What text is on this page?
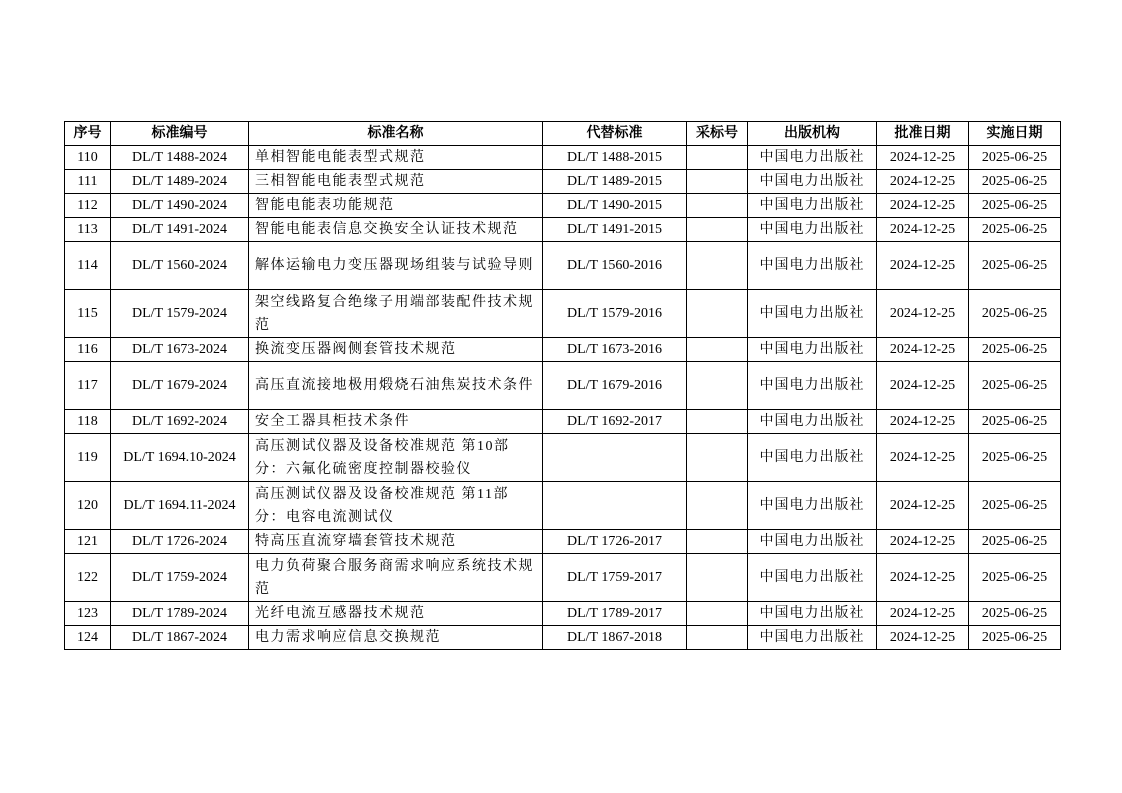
序号	标准编号	标准名称	代替标准	采标号	出版机构	批准日期	实施日期
110	DL/T 1488-2024	单相智能电能表型式规范	DL/T 1488-2015		中国电力出版社	2024-12-25	2025-06-25
111	DL/T 1489-2024	三相智能电能表型式规范	DL/T 1489-2015		中国电力出版社	2024-12-25	2025-06-25
112	DL/T 1490-2024	智能电能表功能规范	DL/T 1490-2015		中国电力出版社	2024-12-25	2025-06-25
113	DL/T 1491-2024	智能电能表信息交换安全认证技术规范	DL/T 1491-2015		中国电力出版社	2024-12-25	2025-06-25
114	DL/T 1560-2024	解体运输电力变压器现场组装与试验导则	DL/T 1560-2016		中国电力出版社	2024-12-25	2025-06-25
115	DL/T 1579-2024	架空线路复合绝缘子用端部装配件技术规范	DL/T 1579-2016		中国电力出版社	2024-12-25	2025-06-25
116	DL/T 1673-2024	换流变压器阀侧套管技术规范	DL/T 1673-2016		中国电力出版社	2024-12-25	2025-06-25
117	DL/T 1679-2024	高压直流接地极用煅烧石油焦炭技术条件	DL/T 1679-2016		中国电力出版社	2024-12-25	2025-06-25
118	DL/T 1692-2024	安全工器具柜技术条件	DL/T 1692-2017		中国电力出版社	2024-12-25	2025-06-25
119	DL/T 1694.10-2024	高压测试仪器及设备校准规范 第10部分：六氟化硫密度控制器校验仪			中国电力出版社	2024-12-25	2025-06-25
120	DL/T 1694.11-2024	高压测试仪器及设备校准规范 第11部分：电容电流测试仪			中国电力出版社	2024-12-25	2025-06-25
121	DL/T 1726-2024	特高压直流穿墙套管技术规范	DL/T 1726-2017		中国电力出版社	2024-12-25	2025-06-25
122	DL/T 1759-2024	电力负荷聚合服务商需求响应系统技术规范	DL/T 1759-2017		中国电力出版社	2024-12-25	2025-06-25
123	DL/T 1789-2024	光纤电流互感器技术规范	DL/T 1789-2017		中国电力出版社	2024-12-25	2025-06-25
124	DL/T 1867-2024	电力需求响应信息交换规范	DL/T 1867-2018		中国电力出版社	2024-12-25	2025-06-25
